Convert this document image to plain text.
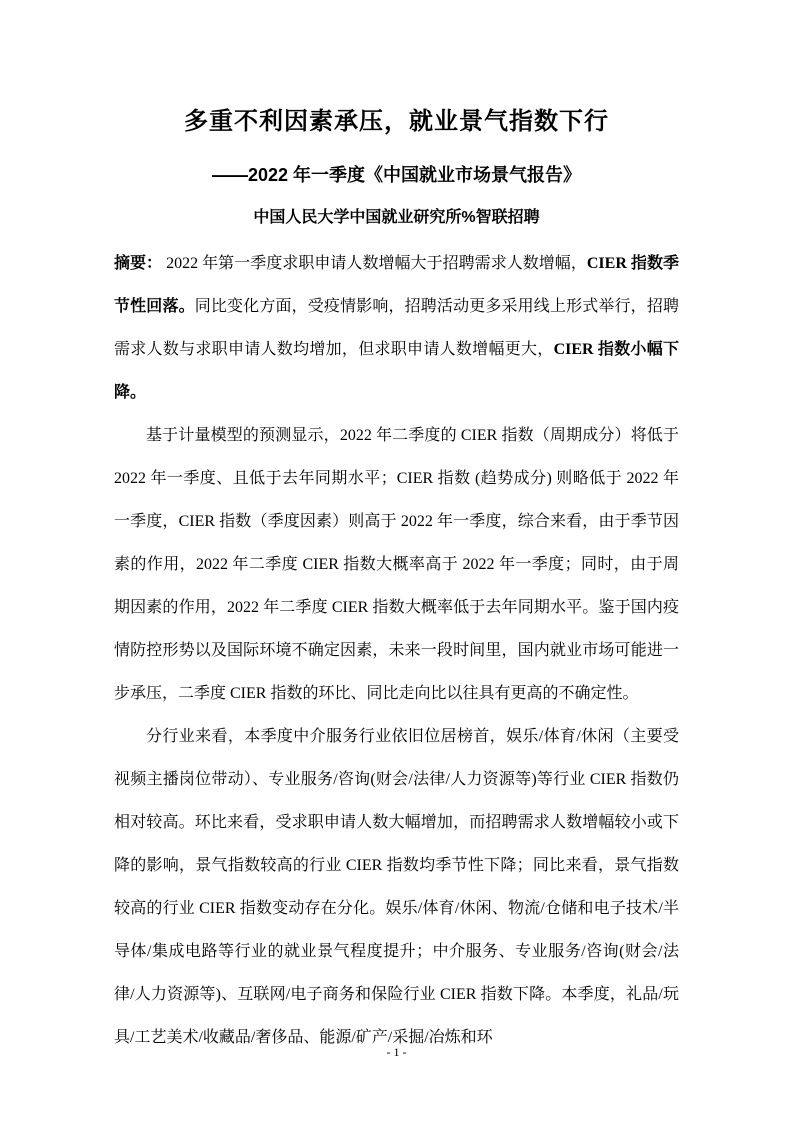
多重不利因素承压，就业景气指数下行
——2022 年一季度《中国就业市场景气报告》
中国人民大学中国就业研究所%智联招聘

摘要： 2022 年第一季度求职申请人数增幅大于招聘需求人数增幅，CIER 指数季节性回落。同比变化方面，受疫情影响，招聘活动更多采用线上形式举行，招聘需求人数与求职申请人数均增加，但求职申请人数增幅更大，CIER 指数小幅下降。

基于计量模型的预测显示，2022 年二季度的 CIER 指数（周期成分）将低于 2022 年一季度、且低于去年同期水平；CIER 指数 (趋势成分) 则略低于 2022 年一季度，CIER 指数（季度因素）则高于 2022 年一季度，综合来看，由于季节因素的作用，2022 年二季度 CIER 指数大概率高于 2022 年一季度；同时，由于周期因素的作用，2022 年二季度 CIER 指数大概率低于去年同期水平。鉴于国内疫情防控形势以及国际环境不确定因素，未来一段时间里，国内就业市场可能进一步承压，二季度 CIER 指数的环比、同比走向比以往具有更高的不确定性。

分行业来看，本季度中介服务行业依旧位居榜首，娱乐/体育/休闲（主要受视频主播岗位带动）、专业服务/咨询(财会/法律/人力资源等)等行业 CIER 指数仍相对较高。环比来看，受求职申请人数大幅增加，而招聘需求人数增幅较小或下降的影响，景气指数较高的行业 CIER 指数均季节性下降；同比来看，景气指数较高的行业 CIER 指数变动存在分化。娱乐/体育/休闲、物流/仓储和电子技术/半导体/集成电路等行业的就业景气程度提升；中介服务、专业服务/咨询(财会/法律/人力资源等)、互联网/电子商务和保险行业 CIER 指数下降。本季度，礼品/玩具/工艺美术/收藏品/奢侈品、能源/矿产/采掘/冶炼和环

- 1 -
